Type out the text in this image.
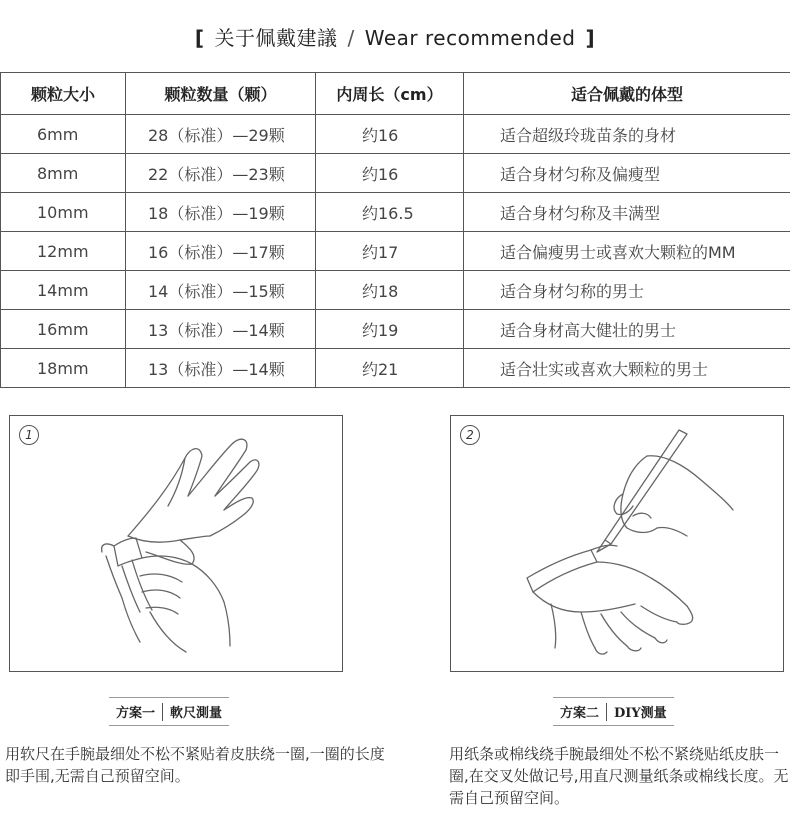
[ 关于佩戴建議 / Wear recommended ]
颗粒大小	颗粒数量（颗）	内周长（cm）	适合佩戴的体型
6mm	28（标准）—29颗	约16	适合超级玲珑苗条的身材
8mm	22（标准）—23颗	约16	适合身材匀称及偏瘦型
10mm	18（标准）—19颗	约16.5	适合身材匀称及丰满型
12mm	16（标准）—17颗	约17	适合偏瘦男士或喜欢大颗粒的MM
14mm	14（标准）—15颗	约18	适合身材匀称的男士
16mm	13（标准）—14颗	约19	适合身材高大健壮的男士
18mm	13（标准）—14颗	约21	适合壮实或喜欢大颗粒的男士
1	2
方案一	軟尺測量	方案二	DIY测量
用软尺在手腕最细处不松不紧贴着皮肤绕一圈,一圈的长度即手围,无需自己预留空间。
用纸条或棉线绕手腕最细处不松不紧绕贴纸皮肤一圈,在交叉处做记号,用直尺测量纸条或棉线长度。无需自己预留空间。
